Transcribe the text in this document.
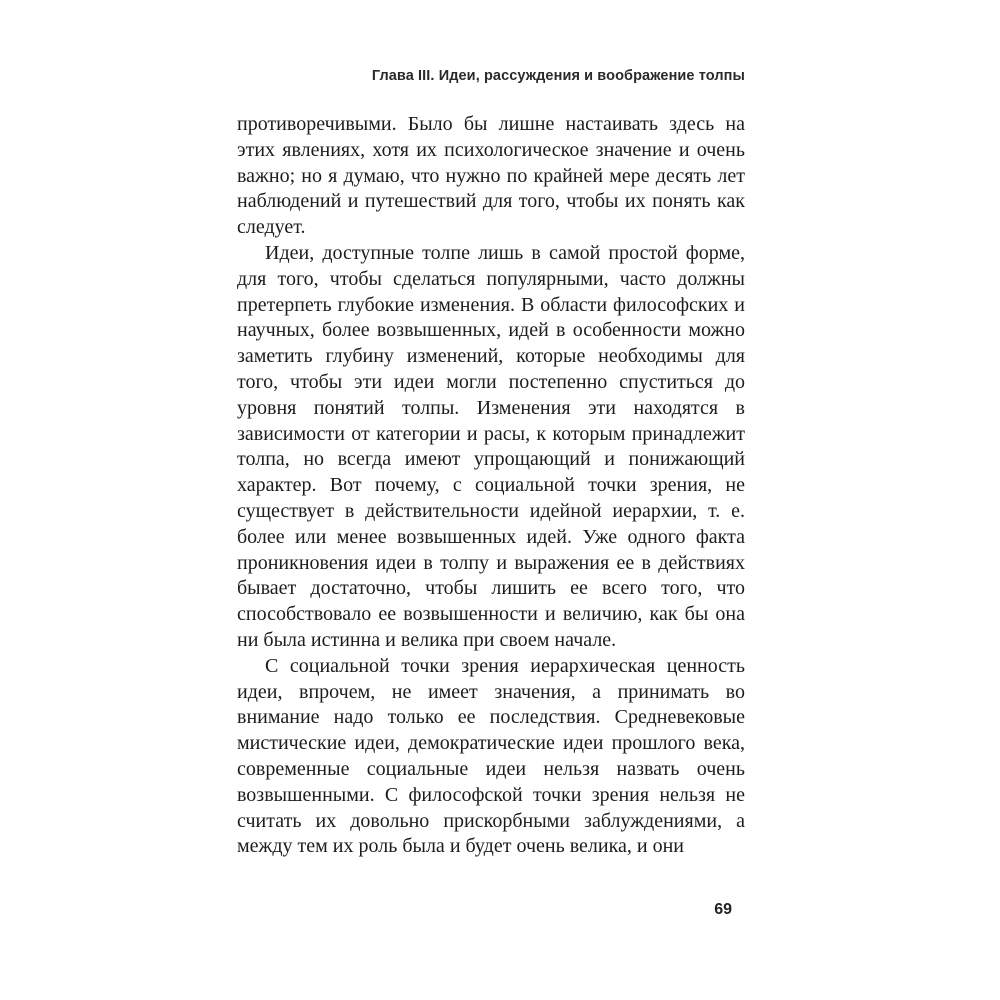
Глава III. Идеи, рассуждения и воображение толпы

противоречивыми. Было бы лишне настаивать здесь на этих явлениях, хотя их психологическое значение и очень важно; но я думаю, что нужно по крайней мере десять лет наблюдений и путешествий для того, чтобы их понять как следует.

Идеи, доступные толпе лишь в самой простой форме, для того, чтобы сделаться популярными, часто должны претерпеть глубокие изменения. В области философских и научных, более возвышенных, идей в особенности можно заметить глубину изменений, которые необходимы для того, чтобы эти идеи могли постепенно спуститься до уровня понятий толпы. Изменения эти находятся в зависимости от категории и расы, к которым принадлежит толпа, но всегда имеют упрощающий и понижающий характер. Вот почему, с социальной точки зрения, не существует в действительности идейной иерархии, т. е. более или менее возвышенных идей. Уже одного факта проникновения идеи в толпу и выражения ее в действиях бывает достаточно, чтобы лишить ее всего того, что способствовало ее возвышенности и величию, как бы она ни была истинна и велика при своем начале.

С социальной точки зрения иерархическая ценность идеи, впрочем, не имеет значения, а принимать во внимание надо только ее последствия. Средневековые мистические идеи, демократические идеи прошлого века, современные социальные идеи нельзя назвать очень возвышенными. С философской точки зрения нельзя не считать их довольно прискорбными заблуждениями, а между тем их роль была и будет очень велика, и они

69
